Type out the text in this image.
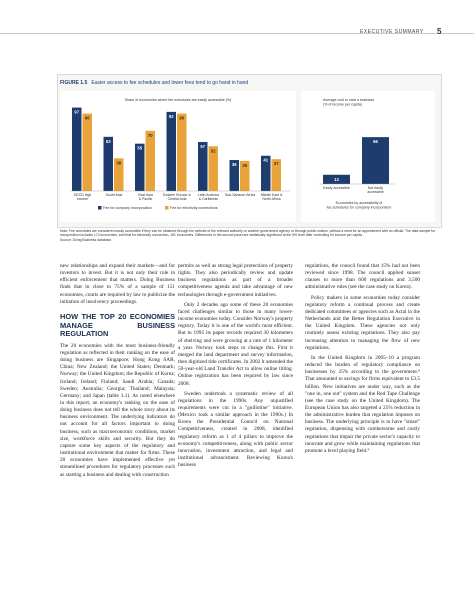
EXECUTIVE SUMMARY 5
FIGURE 1.5 Easier access to fee schedules and lower fees tend to go hand in hand
Share of economies where fee schedules are easily accessible (%)
97
90
OECD high
income
63
38
South Asia
55
70
East Asia
& Pacific
92 90
Eastern Europe &
Central Asia
57
52
Latin America
& Caribbean
36 35
Sub-Saharan Africa
41
37
Middle East &
North Africa
Fee for company incorporation	Fee for electricity connections
Average cost to start a business
(% of income per capita)
13
Easily accessible
66
Not easily
accessible
Economies by accessibility of
fee schedules for company incorporation
Note: Fee schedules are considered easily accessible if they can be obtained through the website of the relevant authority or another government agency or through public notices, without a need for an appointment with an official. The data sample for incorporation includes 174 economies, and that for electricity connection, 181 economies. Differences in the second panel are statistically significant at the 5% level after controlling for income per capita.
Source: Doing Business database.

new relationships and expand their markets—and for investors to invest. But it is not only their role in efficient enforcement that matters. Doing Business finds that in close to 75% of a sample of 151 economies, courts are required by law to publicize the initiation of insolvency proceedings.

HOW THE TOP 20 ECONOMIES MANAGE BUSINESS REGULATION

The 20 economies with the most business-friendly regulation as reflected in their ranking on the ease of doing business are Singapore; Hong Kong SAR, China; New Zealand; the United States; Denmark; Norway; the United Kingdom; the Republic of Korea; Iceland; Ireland; Finland; Saudi Arabia; Canada; Sweden; Australia; Georgia; Thailand; Malaysia; Germany; and Japan (table 1.1). As noted elsewhere in this report, an economy's ranking on the ease of doing business does not tell the whole story about its business environment. The underlying indicators do not account for all factors important to doing business, such as macroeconomic conditions, market size, workforce skills and security. But they do capture some key aspects of the regulatory and institutional environment that matter for firms. These 20 economies have implemented effective yet streamlined procedures for regulatory processes such as starting a business and dealing with construction

permits as well as strong legal protections of property rights. They also periodically review and update business regulations as part of a broader competitiveness agenda and take advantage of new technologies through e-government initiatives.

Only 2 decades ago some of these 20 economies faced challenges similar to those in many lower-income economies today. Consider Norway's property registry. Today it is one of the world's most efficient. But in 1995 its paper records required 30 kilometers of shelving and were growing at a rate of 1 kilometer a year. Norway took steps to change this. First it merged the land department and survey information, then digitized title certificates. In 2002 it amended the 50-year-old Land Transfer Act to allow online titling. Online registration has been required by law since 2008.

Sweden undertook a systematic review of all regulations in the 1990s. Any unjustified requirements were cut in a "guillotine" initiative. (Mexico took a similar approach in the 1990s.) In Korea the Presidential Council on National Competitiveness, created in 2008, identified regulatory reform as 1 of 4 pillars to improve the economy's competitiveness, along with public sector innovation, investment attraction, and legal and institutional advancement. Reviewing Korea's business

regulations, the council found that 15% had not been reviewed since 1998. The council applied sunset clauses to more than 600 regulations and 3,500 administrative rules (see the case study on Korea).

Policy makers in some economies today consider regulatory reform a continual process and create dedicated committees or agencies such as Actal in the Netherlands and the Better Regulation Executive in the United Kingdom. These agencies not only routinely assess existing regulations. They also pay increasing attention to managing the flow of new regulations.

In the United Kingdom in 2005–10 a program reduced the burden of regulatory compliance on businesses by 25% according to the government.⁸ That amounted to savings for firms equivalent to £3.5 billion. New initiatives are under way, such as the "one in, one out" system and the Red Tape Challenge (see the case study on the United Kingdom). The European Union has also targeted a 25% reduction in the administrative burden that regulation imposes on business. The underlying principle is to have "smart" regulation, dispensing with cumbersome and costly regulations that impair the private sector's capacity to innovate and grow while maintaining regulations that promote a level playing field.⁹
